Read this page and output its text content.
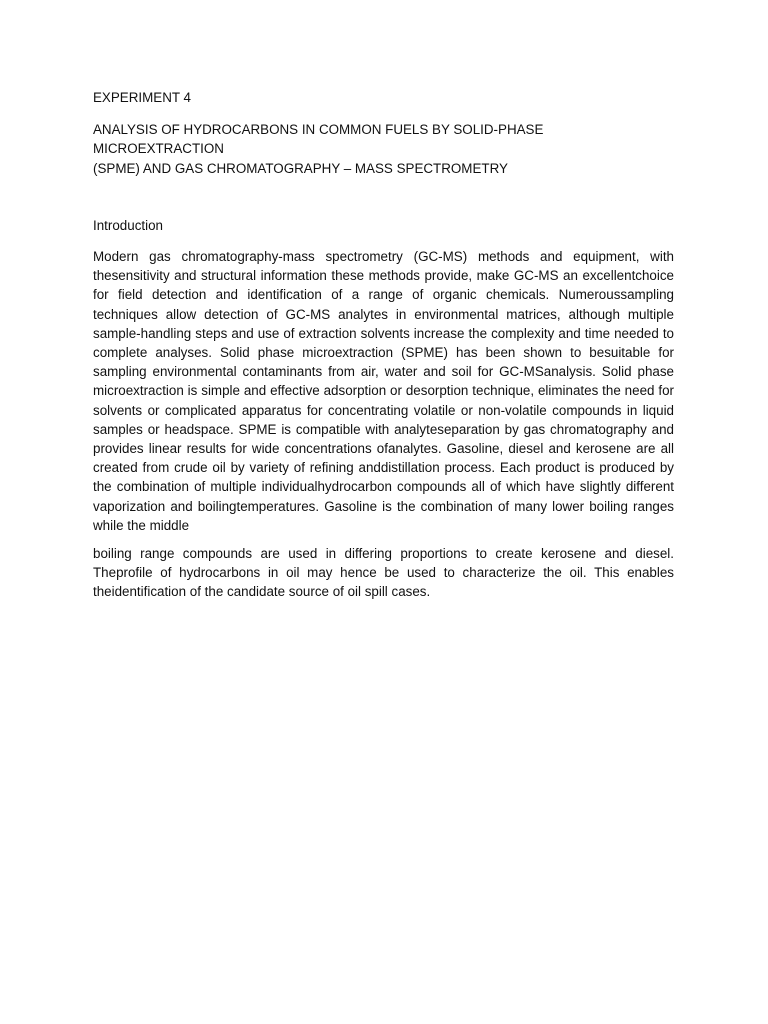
EXPERIMENT 4

ANALYSIS OF HYDROCARBONS IN COMMON FUELS BY SOLID-PHASE MICROEXTRACTION
(SPME) AND GAS CHROMATOGRAPHY – MASS SPECTROMETRY

Introduction

Modern gas chromatography-mass spectrometry (GC-MS) methods and equipment, with thesensitivity and structural information these methods provide, make GC-MS an excellentchoice for field detection and identification of a range of organic chemicals. Numeroussampling techniques allow detection of GC-MS analytes in environmental matrices, although multiple sample-handling steps and use of extraction solvents increase the complexity and time needed to complete analyses. Solid phase microextraction (SPME) has been shown to besuitable for sampling environmental contaminants from air, water and soil for GC-MSanalysis. Solid phase microextraction is simple and effective adsorption or desorption technique, eliminates the need for solvents or complicated apparatus for concentrating volatile or non-volatile compounds in liquid samples or headspace. SPME is compatible with analyteseparation by gas chromatography and provides linear results for wide concentrations ofanalytes. Gasoline, diesel and kerosene are all created from crude oil by variety of refining anddistillation process. Each product is produced by the combination of multiple individualhydrocarbon compounds all of which have slightly different vaporization and boilingtemperatures. Gasoline is the combination of many lower boiling ranges while the middle

boiling range compounds are used in differing proportions to create kerosene and diesel. Theprofile of hydrocarbons in oil may hence be used to characterize the oil. This enables theidentification of the candidate source of oil spill cases.
